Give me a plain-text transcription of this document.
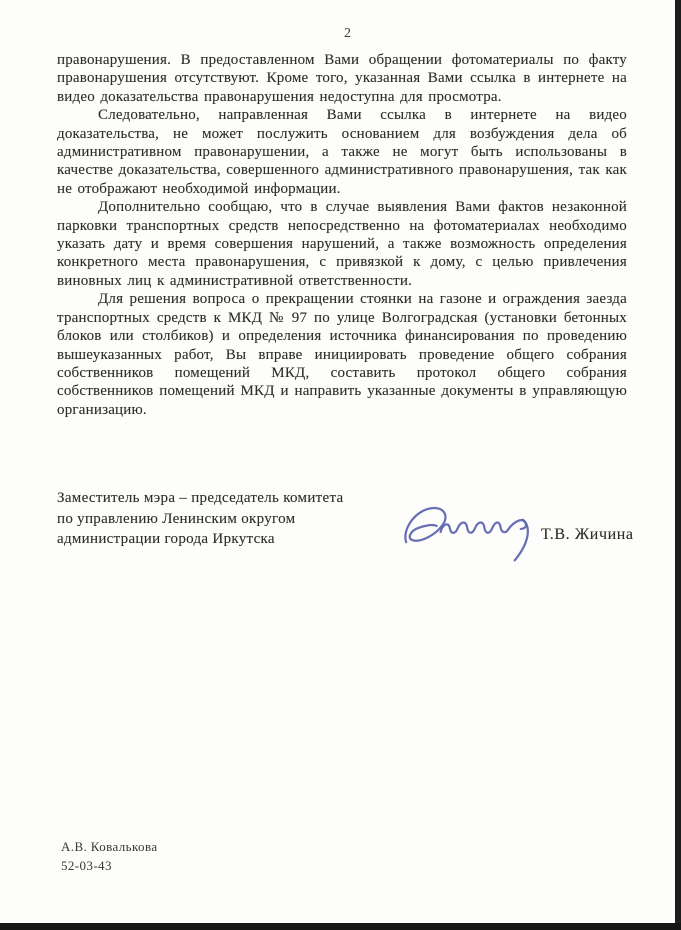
2

правонарушения. В предоставленном Вами обращении фотоматериалы по факту правонарушения отсутствуют. Кроме того, указанная Вами ссылка в интернете на видео доказательства правонарушения недоступна для просмотра.

Следовательно, направленная Вами ссылка в интернете на видео доказательства, не может послужить основанием для возбуждения дела об административном правонарушении, а также не могут быть использованы в качестве доказательства, совершенного административного правонарушения, так как не отображают необходимой информации.

Дополнительно сообщаю, что в случае выявления Вами фактов незаконной парковки транспортных средств непосредственно на фотоматериалах необходимо указать дату и время совершения нарушений, а также возможность определения конкретного места правонарушения, с привязкой к дому, с целью привлечения виновных лиц к административной ответственности.

Для решения вопроса о прекращении стоянки на газоне и ограждения заезда транспортных средств к МКД № 97 по улице Волгоградская (установки бетонных блоков или столбиков) и определения источника финансирования по проведению вышеуказанных работ, Вы вправе инициировать проведение общего собрания собственников помещений МКД, составить протокол общего собрания собственников помещений МКД и направить указанные документы в управляющую организацию.

Заместитель мэра – председатель комитета
по управлению Ленинским округом
администрации города Иркутска	Т.В. Жичина
А.В. Ковалькова
52-03-43
